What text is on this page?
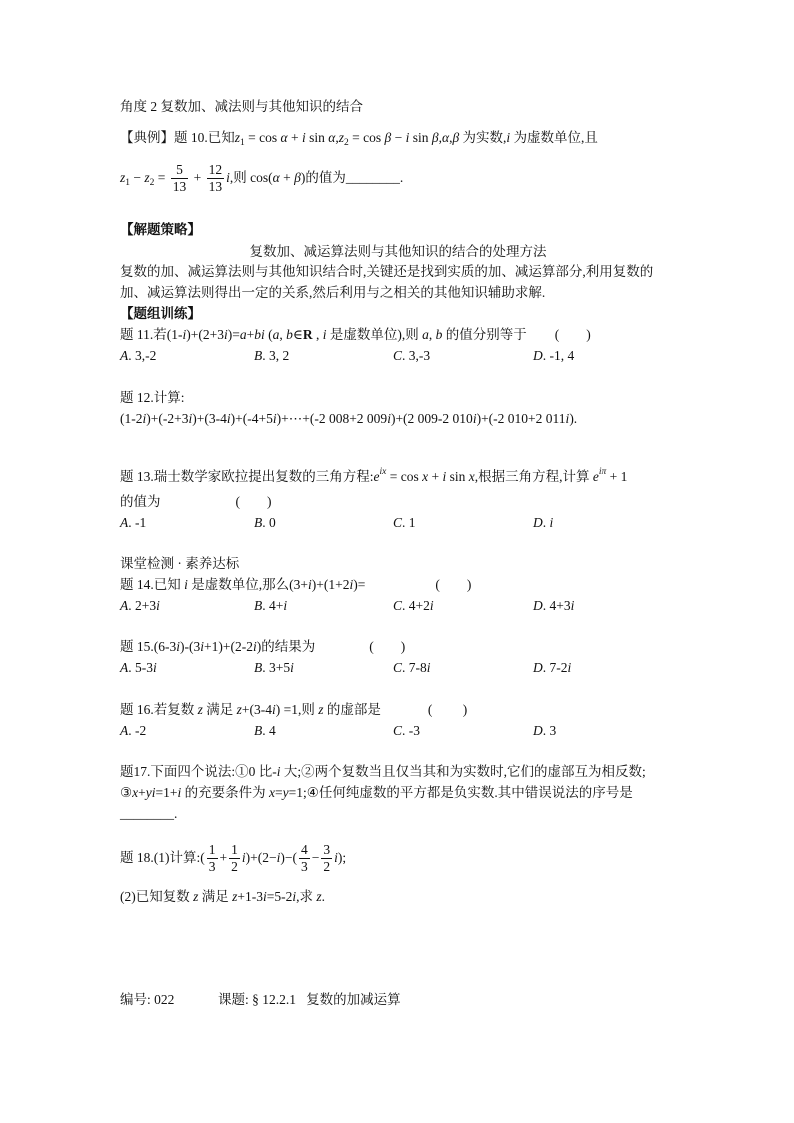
角度 2 复数加、减法则与其他知识的结合
【典例】题 10.已知$z_1 = \cos \alpha + i$ $\sin \alpha,z_2 = \cos \beta - i$ sin β,α,β 为实数,i 为虚数单位,且
$z_1 - z_2 = \frac{5}{13} + \frac{12}{13} i$,则 cos(α + β)的值为________.
【解题策略】
复数加、减运算法则与其他知识的结合的处理方法
复数的加、减运算法则与其他知识结合时,关键还是找到实质的加、减运算部分,利用复数的
加、减运算法则得出一定的关系,然后利用与之相关的其他知识辅助求解.
【题组训练】
题 11.若(1-i)+(2+3i)=a+bi (a, b∈R , i 是虚数单位),则 a, b 的值分别等于 (        )
A. 3,-2	B. 3, 2	C. 3,-3	D. -1, 4
题 12.计算:
(1-2i)+(-2+3i)+(3-4i)+(-4+5i)+⋯+(-2 008+2 009i)+(2 009-2 010i)+(-2 010+2 011i).
题 13.瑞士数学家欧拉提出复数的三角方程$:e^{ix} = \cos x + i$ sin x,根据三角方程,计算 $e^{i\pi} + 1$
的值为	(        )
A. -1	B. 0	C. 1	D. i
课堂检测 · 素养达标
题 14.已知 i 是虚数单位,那么(3+i)+(1+2i)=	(        )
A. 2+3i	B. 4+i	C. 4+2i	D. 4+3i
题 15.(6-3i)-(3i+1)+(2-2i)的结果为	(        )
A. 5-3i	B. 3+5i	C. 7-8i	D. 7-2i
题 16.若复数 z 满足 z+(3-4i) =1,则 z 的虚部是	(         )
A. -2	B. 4	C. -3	D. 3
题17.下面四个说法:①0 比-i 大;②两个复数当且仅当其和为实数时,它们的虚部互为相反数;
③x+yi=1+i 的充要条件为 x=y=1;④任何纯虚数的平方都是负实数.其中错误说法的序号是
________.
题 18.(1)计算:( $\frac{1}{3} + \frac{1}{2} i)+(2-i)-( \frac{4}{3} - \frac{3}{2} i)$;
(2)已知复数 z 满足 z+1-3i=5-2i,求 z.
编号: 022	课题: § 12.2.1   复数的加减运算
